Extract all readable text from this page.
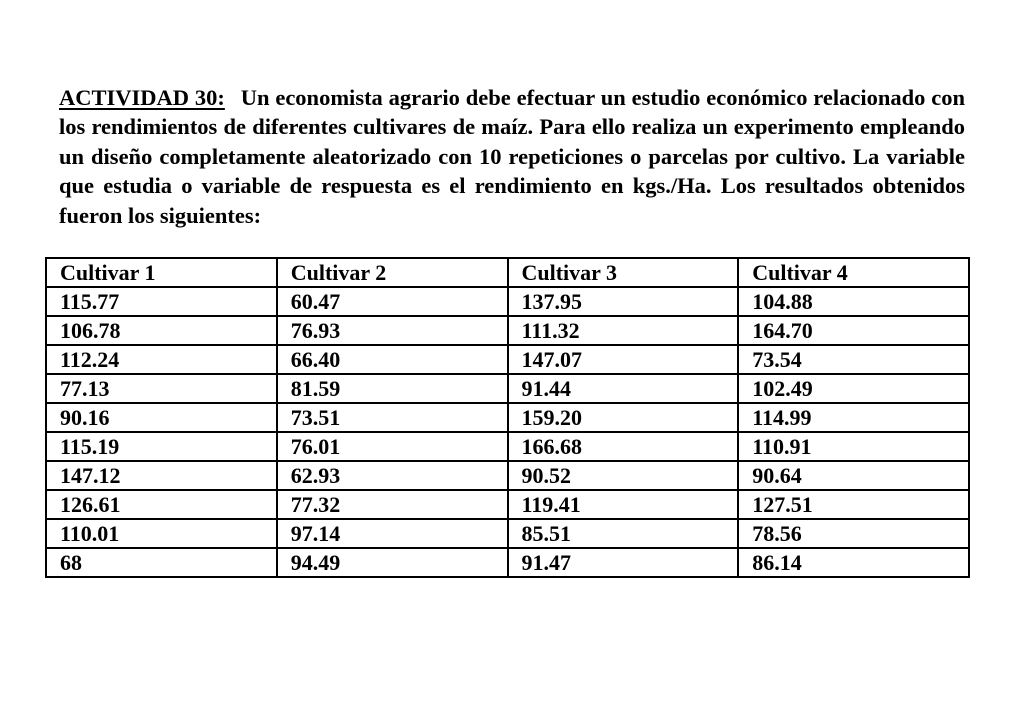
ACTIVIDAD 30: Un economista agrario debe efectuar un estudio económico relacionado con los rendimientos de diferentes cultivares de maíz. Para ello realiza un experimento empleando un diseño completamente aleatorizado con 10 repeticiones o parcelas por cultivo. La variable que estudia o variable de respuesta es el rendimiento en kgs./Ha. Los resultados obtenidos fueron los siguientes:

Cultivar 1	Cultivar 2	Cultivar 3	Cultivar 4
115.77	60.47	137.95	104.88
106.78	76.93	111.32	164.70
112.24	66.40	147.07	73.54
77.13	81.59	91.44	102.49
90.16	73.51	159.20	114.99
115.19	76.01	166.68	110.91
147.12	62.93	90.52	90.64
126.61	77.32	119.41	127.51
110.01	97.14	85.51	78.56
68	94.49	91.47	86.14
